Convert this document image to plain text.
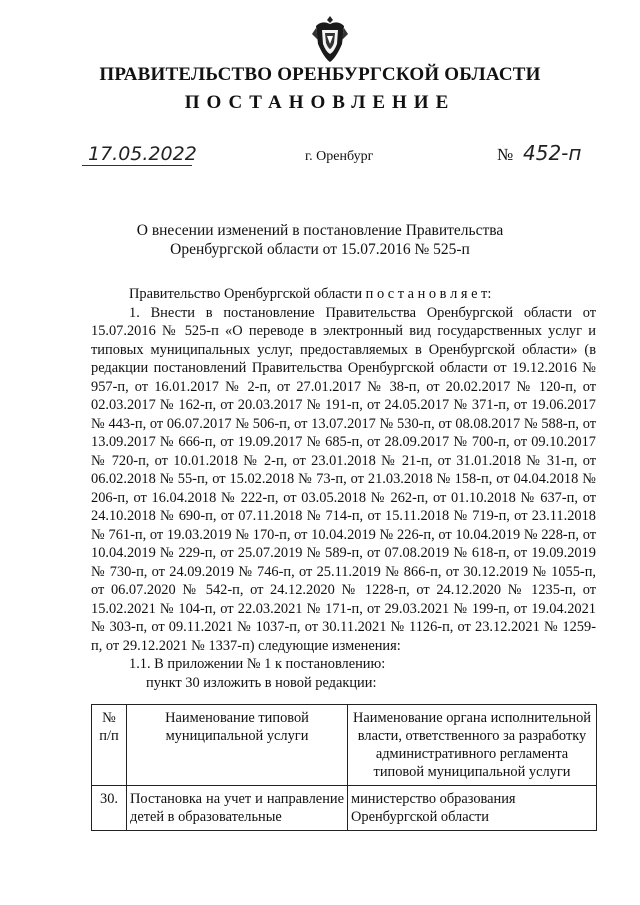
ПРАВИТЕЛЬСТВО ОРЕНБУРГСКОЙ ОБЛАСТИ
ПОСТАНОВЛЕНИЕ
17.05.2022	г. Оренбург	№ 452-п
О внесении изменений в постановление Правительства
Оренбургской области от 15.07.2016 № 525-п

Правительство Оренбургской области п о с т а н о в л я е т:

1. Внести в постановление Правительства Оренбургской области от 15.07.2016 № 525-п «О переводе в электронный вид государственных услуг и типовых муниципальных услуг, предоставляемых в Оренбургской области» (в редакции постановлений Правительства Оренбургской области от 19.12.2016 № 957-п, от 16.01.2017 № 2-п, от 27.01.2017 № 38-п, от 20.02.2017 № 120-п, от 02.03.2017 № 162-п, от 20.03.2017 № 191-п, от 24.05.2017 № 371-п, от 19.06.2017 № 443-п, от 06.07.2017 № 506-п, от 13.07.2017 № 530-п, от 08.08.2017 № 588-п, от 13.09.2017 № 666-п, от 19.09.2017 № 685-п, от 28.09.2017 № 700-п, от 09.10.2017 № 720-п, от 10.01.2018 № 2-п, от 23.01.2018 № 21-п, от 31.01.2018 № 31-п, от 06.02.2018 № 55-п, от 15.02.2018 № 73-п, от 21.03.2018 № 158-п, от 04.04.2018 № 206-п, от 16.04.2018 № 222-п, от 03.05.2018 № 262-п, от 01.10.2018 № 637-п, от 24.10.2018 № 690-п, от 07.11.2018 № 714-п, от 15.11.2018 № 719-п, от 23.11.2018 № 761-п, от 19.03.2019 № 170-п, от 10.04.2019 № 226-п, от 10.04.2019 № 228-п, от 10.04.2019 № 229-п, от 25.07.2019 № 589-п, от 07.08.2019 № 618-п, от 19.09.2019 № 730-п, от 24.09.2019 № 746-п, от 25.11.2019 № 866-п, от 30.12.2019 № 1055-п, от 06.07.2020 № 542-п, от 24.12.2020 № 1228-п, от 24.12.2020 № 1235-п, от 15.02.2021 № 104-п, от 22.03.2021 № 171-п, от 29.03.2021 № 199-п, от 19.04.2021 № 303-п, от 09.11.2021 № 1037-п, от 30.11.2021 № 1126-п, от 23.12.2021 № 1259-п, от 29.12.2021 № 1337-п) следующие изменения:

1.1. В приложении № 1 к постановлению:

пункт 30 изложить в новой редакции:

№ п/п	Наименование типовой муниципальной услуги	Наименование органа исполнительной власти, ответственного за разработку административного регламента типовой муниципальной услуги
30.	Постановка на учет и направление детей в образовательные	министерство образования Оренбургской области
